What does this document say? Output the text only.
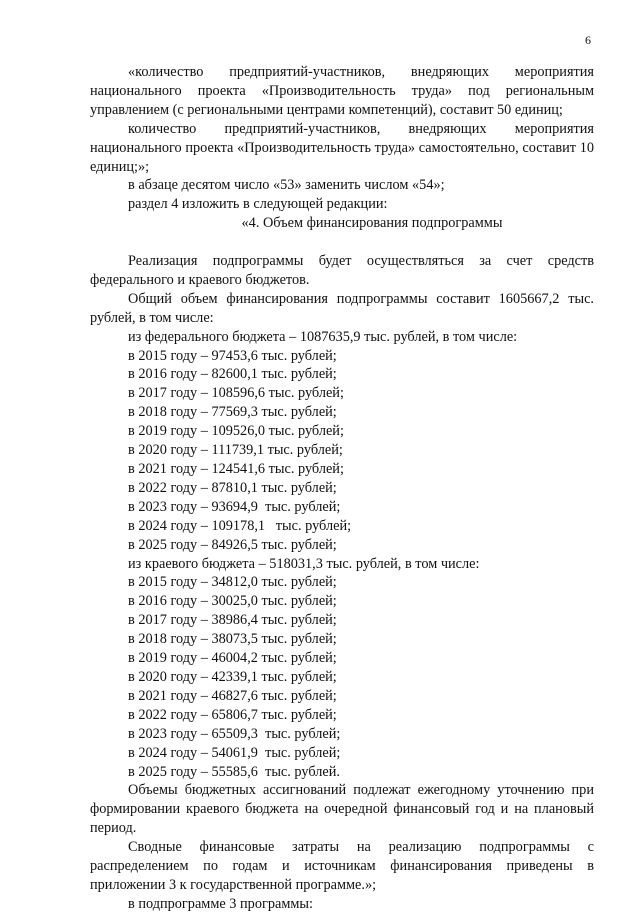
6

«количество предприятий-участников, внедряющих мероприятия национального проекта «Производительность труда» под региональным управлением (с региональными центрами компетенций), составит 50 единиц;

количество предприятий-участников, внедряющих мероприятия национального проекта «Производительность труда» самостоятельно, составит 10 единиц;»;

в абзаце десятом число «53» заменить числом «54»;

раздел 4 изложить в следующей редакции:

«4. Объем финансирования подпрограммы

Реализация подпрограммы будет осуществляться за счет средств федерального и краевого бюджетов.

Общий объем финансирования подпрограммы составит 1605667,2 тыс. рублей, в том числе:

из федерального бюджета – 1087635,9 тыс. рублей, в том числе:

в 2015 году – 97453,6 тыс. рублей;

в 2016 году – 82600,1 тыс. рублей;

в 2017 году – 108596,6 тыс. рублей;

в 2018 году – 77569,3 тыс. рублей;

в 2019 году – 109526,0 тыс. рублей;

в 2020 году – 111739,1 тыс. рублей;

в 2021 году – 124541,6 тыс. рублей;

в 2022 году – 87810,1 тыс. рублей;

в 2023 году – 93694,9  тыс. рублей;

в 2024 году – 109178,1   тыс. рублей;

в 2025 году – 84926,5 тыс. рублей;

из краевого бюджета – 518031,3 тыс. рублей, в том числе:

в 2015 году – 34812,0 тыс. рублей;

в 2016 году – 30025,0 тыс. рублей;

в 2017 году – 38986,4 тыс. рублей;

в 2018 году – 38073,5 тыс. рублей;

в 2019 году – 46004,2 тыс. рублей;

в 2020 году – 42339,1 тыс. рублей;

в 2021 году – 46827,6 тыс. рублей;

в 2022 году – 65806,7 тыс. рублей;

в 2023 году – 65509,3  тыс. рублей;

в 2024 году – 54061,9  тыс. рублей;

в 2025 году – 55585,6  тыс. рублей.

Объемы бюджетных ассигнований подлежат ежегодному уточнению при формировании краевого бюджета на очередной финансовый год и на плановый период.

Сводные финансовые затраты на реализацию подпрограммы с распределением по годам и источникам финансирования приведены в приложении 3 к государственной программе.»;

в подпрограмме 3 программы:
